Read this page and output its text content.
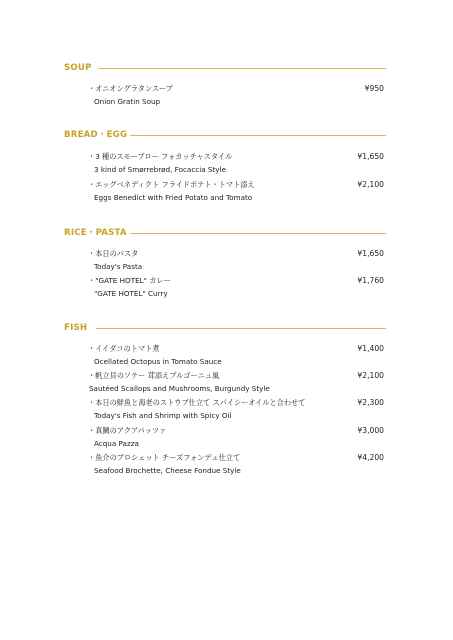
SOUP
・オニオングラタンスープ
Onion Gratin Soup
¥950
BREAD・EGG
・3 種のスモーブロー フォカッチャスタイル
3 kind of Smørrebrød, Focaccia Style
¥1,650
・エッグベネディクト フライドポテト・トマト添え
Eggs Benedict with Fried Potato and Tomato
¥2,100
RICE・PASTA
・本日のパスタ
Today's Pasta
¥1,650
・"GATE HOTEL" カレー
"GATE HOTEL" Curry
¥1,760
FISH
・イイダコのトマト煮
Ocellated Octopus in Tomato Sauce
¥1,400
・帆立貝のソテー 茸添えブルゴーニュ風
Sautéed Scallops and Mushrooms, Burgundy Style
¥2,100
・本日の鮮魚と海老のストウブ仕立て スパイシーオイルと合わせて
Today's Fish and Shrimp with Spicy Oil
¥2,300
・真鯛のアクアパッツァ
Acqua Pazza
¥3,000
・魚介のブロシェット チーズフォンデュ仕立て
Seafood Brochette, Cheese Fondue Style
¥4,200
